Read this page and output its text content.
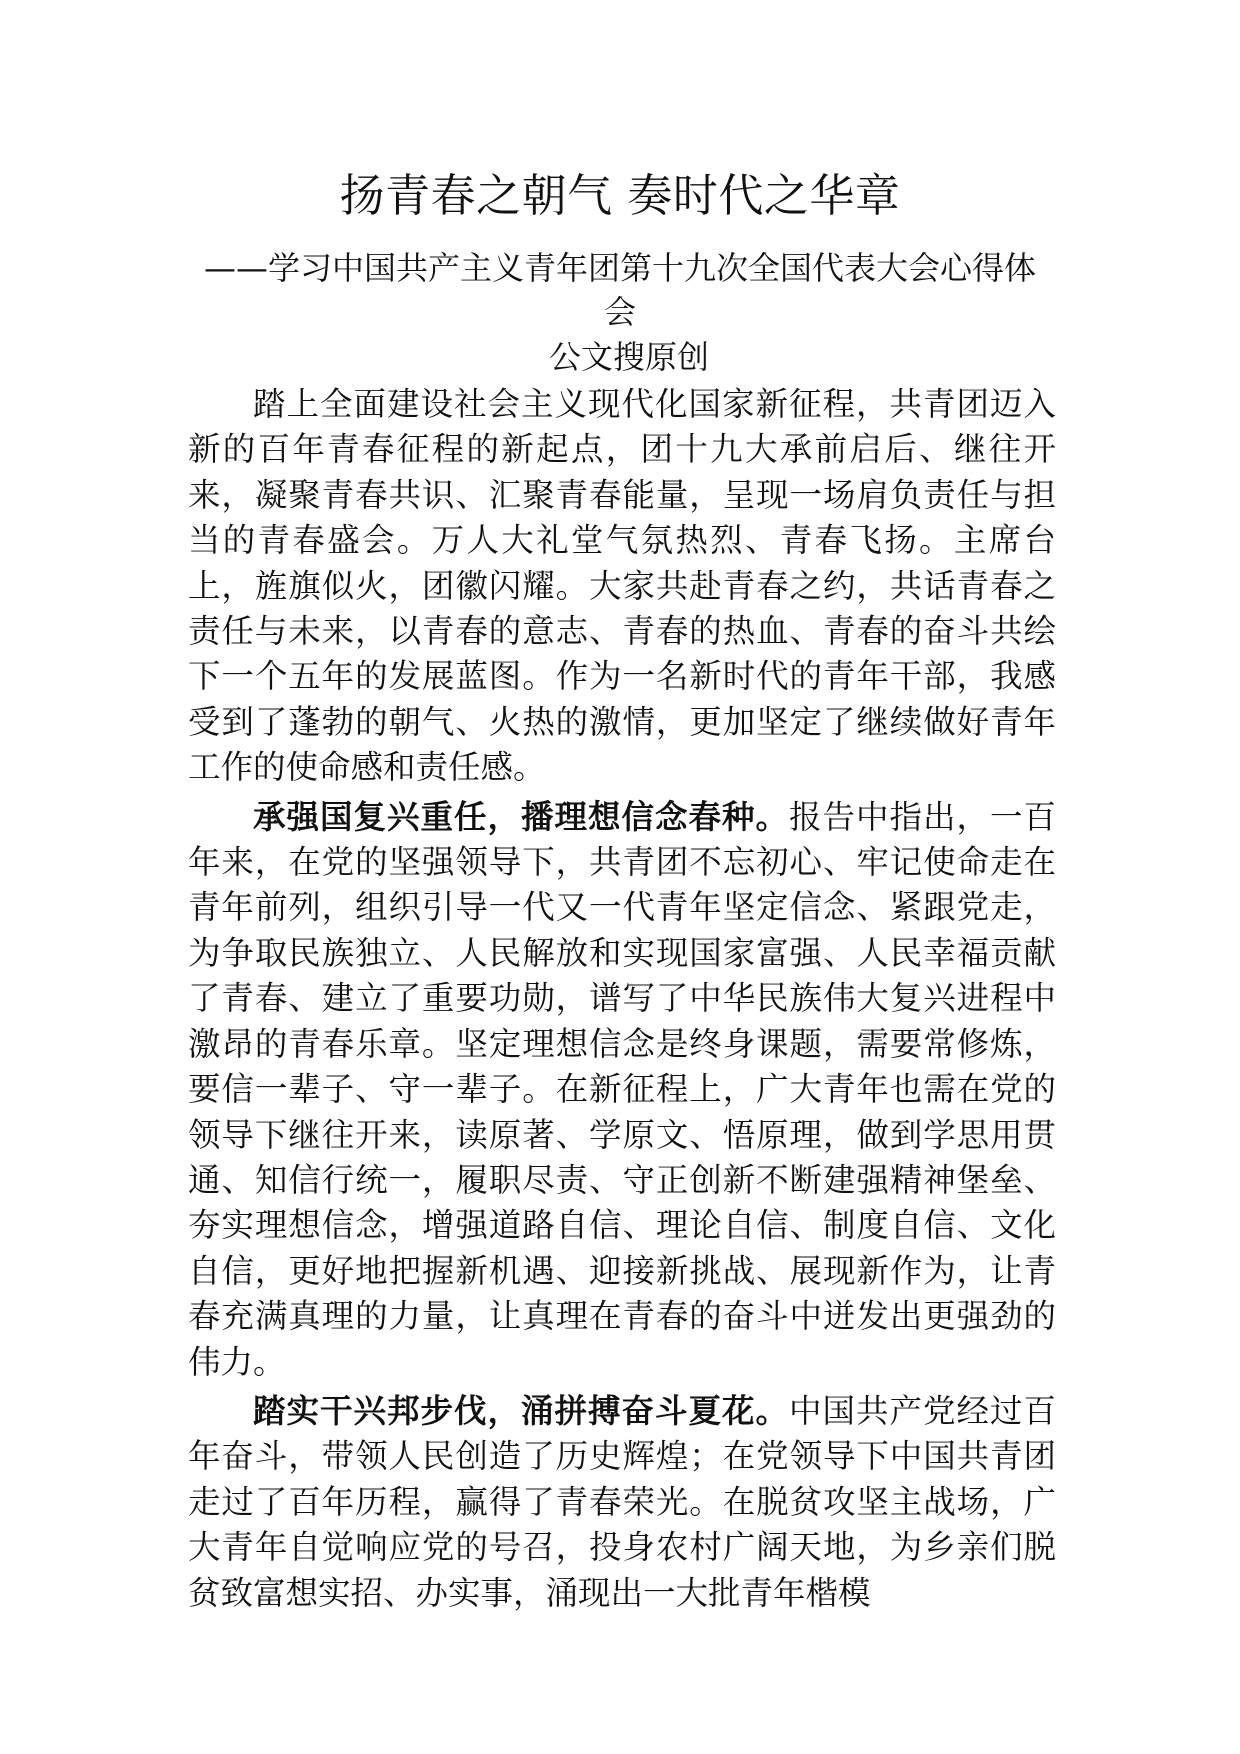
扬青春之朝气 奏时代之华章
——学习中国共产主义青年团第十九次全国代表大会心得体会
公文搜原创

踏上全面建设社会主义现代化国家新征程，共青团迈入新的百年青春征程的新起点，团十九大承前启后、继往开来，凝聚青春共识、汇聚青春能量，呈现一场肩负责任与担当的青春盛会。万人大礼堂气氛热烈、青春飞扬。主席台上，旌旗似火，团徽闪耀。大家共赴青春之约，共话青春之责任与未来，以青春的意志、青春的热血、青春的奋斗共绘下一个五年的发展蓝图。作为一名新时代的青年干部，我感受到了蓬勃的朝气、火热的激情，更加坚定了继续做好青年工作的使命感和责任感。

承强国复兴重任，播理想信念春种。报告中指出，一百年来，在党的坚强领导下，共青团不忘初心、牢记使命走在青年前列，组织引导一代又一代青年坚定信念、紧跟党走，为争取民族独立、人民解放和实现国家富强、人民幸福贡献了青春、建立了重要功勋，谱写了中华民族伟大复兴进程中激昂的青春乐章。坚定理想信念是终身课题，需要常修炼，要信一辈子、守一辈子。在新征程上，广大青年也需在党的领导下继往开来，读原著、学原文、悟原理，做到学思用贯通、知信行统一，履职尽责、守正创新不断建强精神堡垒、夯实理想信念，增强道路自信、理论自信、制度自信、文化自信，更好地把握新机遇、迎接新挑战、展现新作为，让青春充满真理的力量，让真理在青春的奋斗中迸发出更强劲的伟力。

踏实干兴邦步伐，涌拼搏奋斗夏花。中国共产党经过百年奋斗，带领人民创造了历史辉煌；在党领导下中国共青团走过了百年历程，赢得了青春荣光。在脱贫攻坚主战场，广大青年自觉响应党的号召，投身农村广阔天地，为乡亲们脱贫致富想实招、办实事，涌现出一大批青年楷模
